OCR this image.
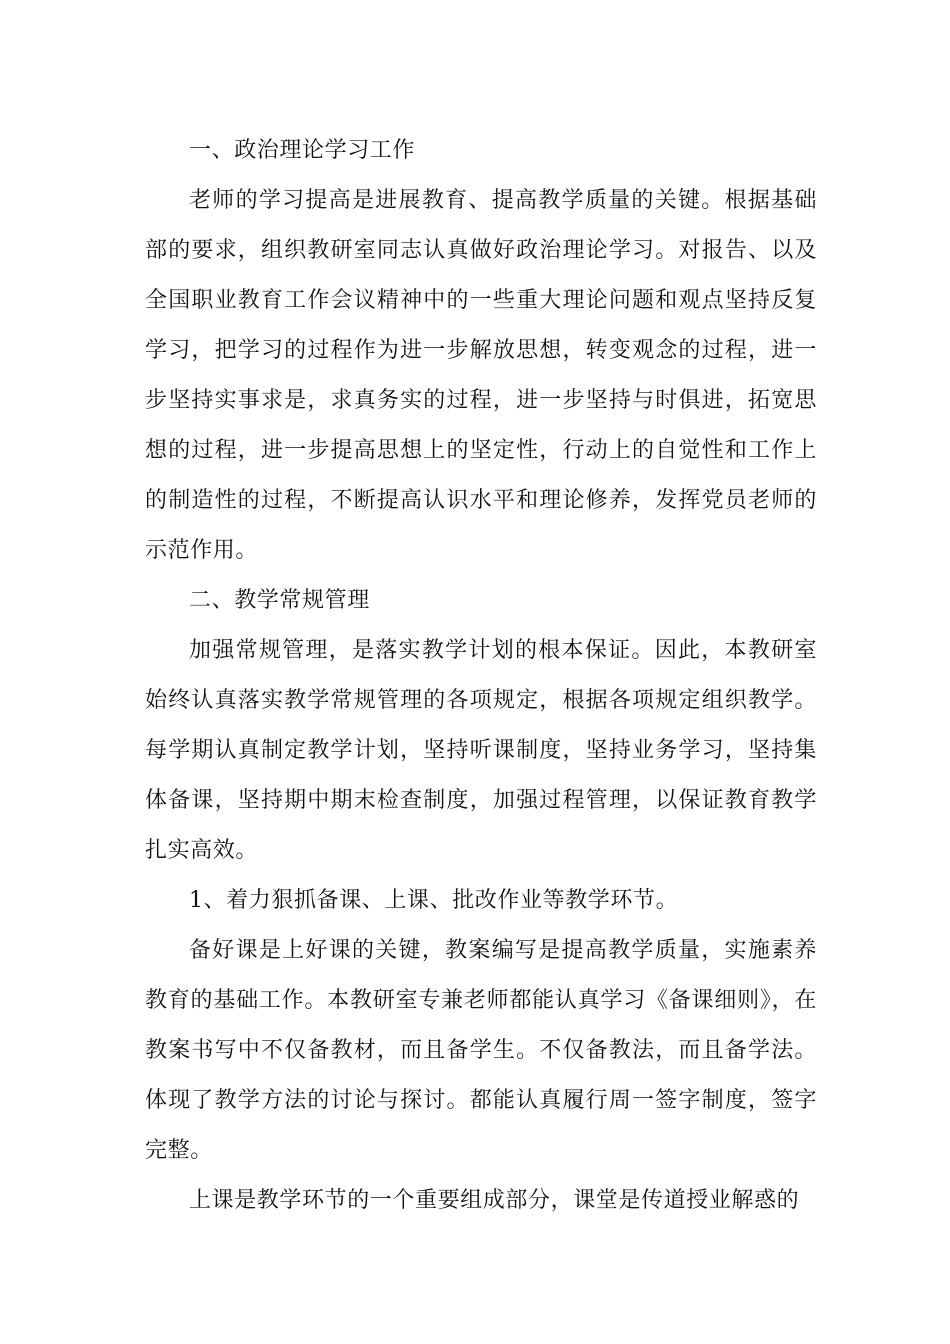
一、政治理论学习工作

老师的学习提高是进展教育、提高教学质量的关键。根据基础部的要求，组织教研室同志认真做好政治理论学习。对报告、以及全国职业教育工作会议精神中的一些重大理论问题和观点坚持反复学习，把学习的过程作为进一步解放思想，转变观念的过程，进一步坚持实事求是，求真务实的过程，进一步坚持与时俱进，拓宽思想的过程，进一步提高思想上的坚定性，行动上的自觉性和工作上的制造性的过程，不断提高认识水平和理论修养，发挥党员老师的示范作用。

二、教学常规管理

加强常规管理，是落实教学计划的根本保证。因此，本教研室始终认真落实教学常规管理的各项规定，根据各项规定组织教学。每学期认真制定教学计划，坚持听课制度，坚持业务学习，坚持集体备课，坚持期中期末检查制度，加强过程管理，以保证教育教学扎实高效。

1、着力狠抓备课、上课、批改作业等教学环节。

备好课是上好课的关键，教案编写是提高教学质量，实施素养教育的基础工作。本教研室专兼老师都能认真学习《备课细则》，在教案书写中不仅备教材，而且备学生。不仅备教法，而且备学法。体现了教学方法的讨论与探讨。都能认真履行周一签字制度，签字完整。

上课是教学环节的一个重要组成部分，课堂是传道授业解惑的
